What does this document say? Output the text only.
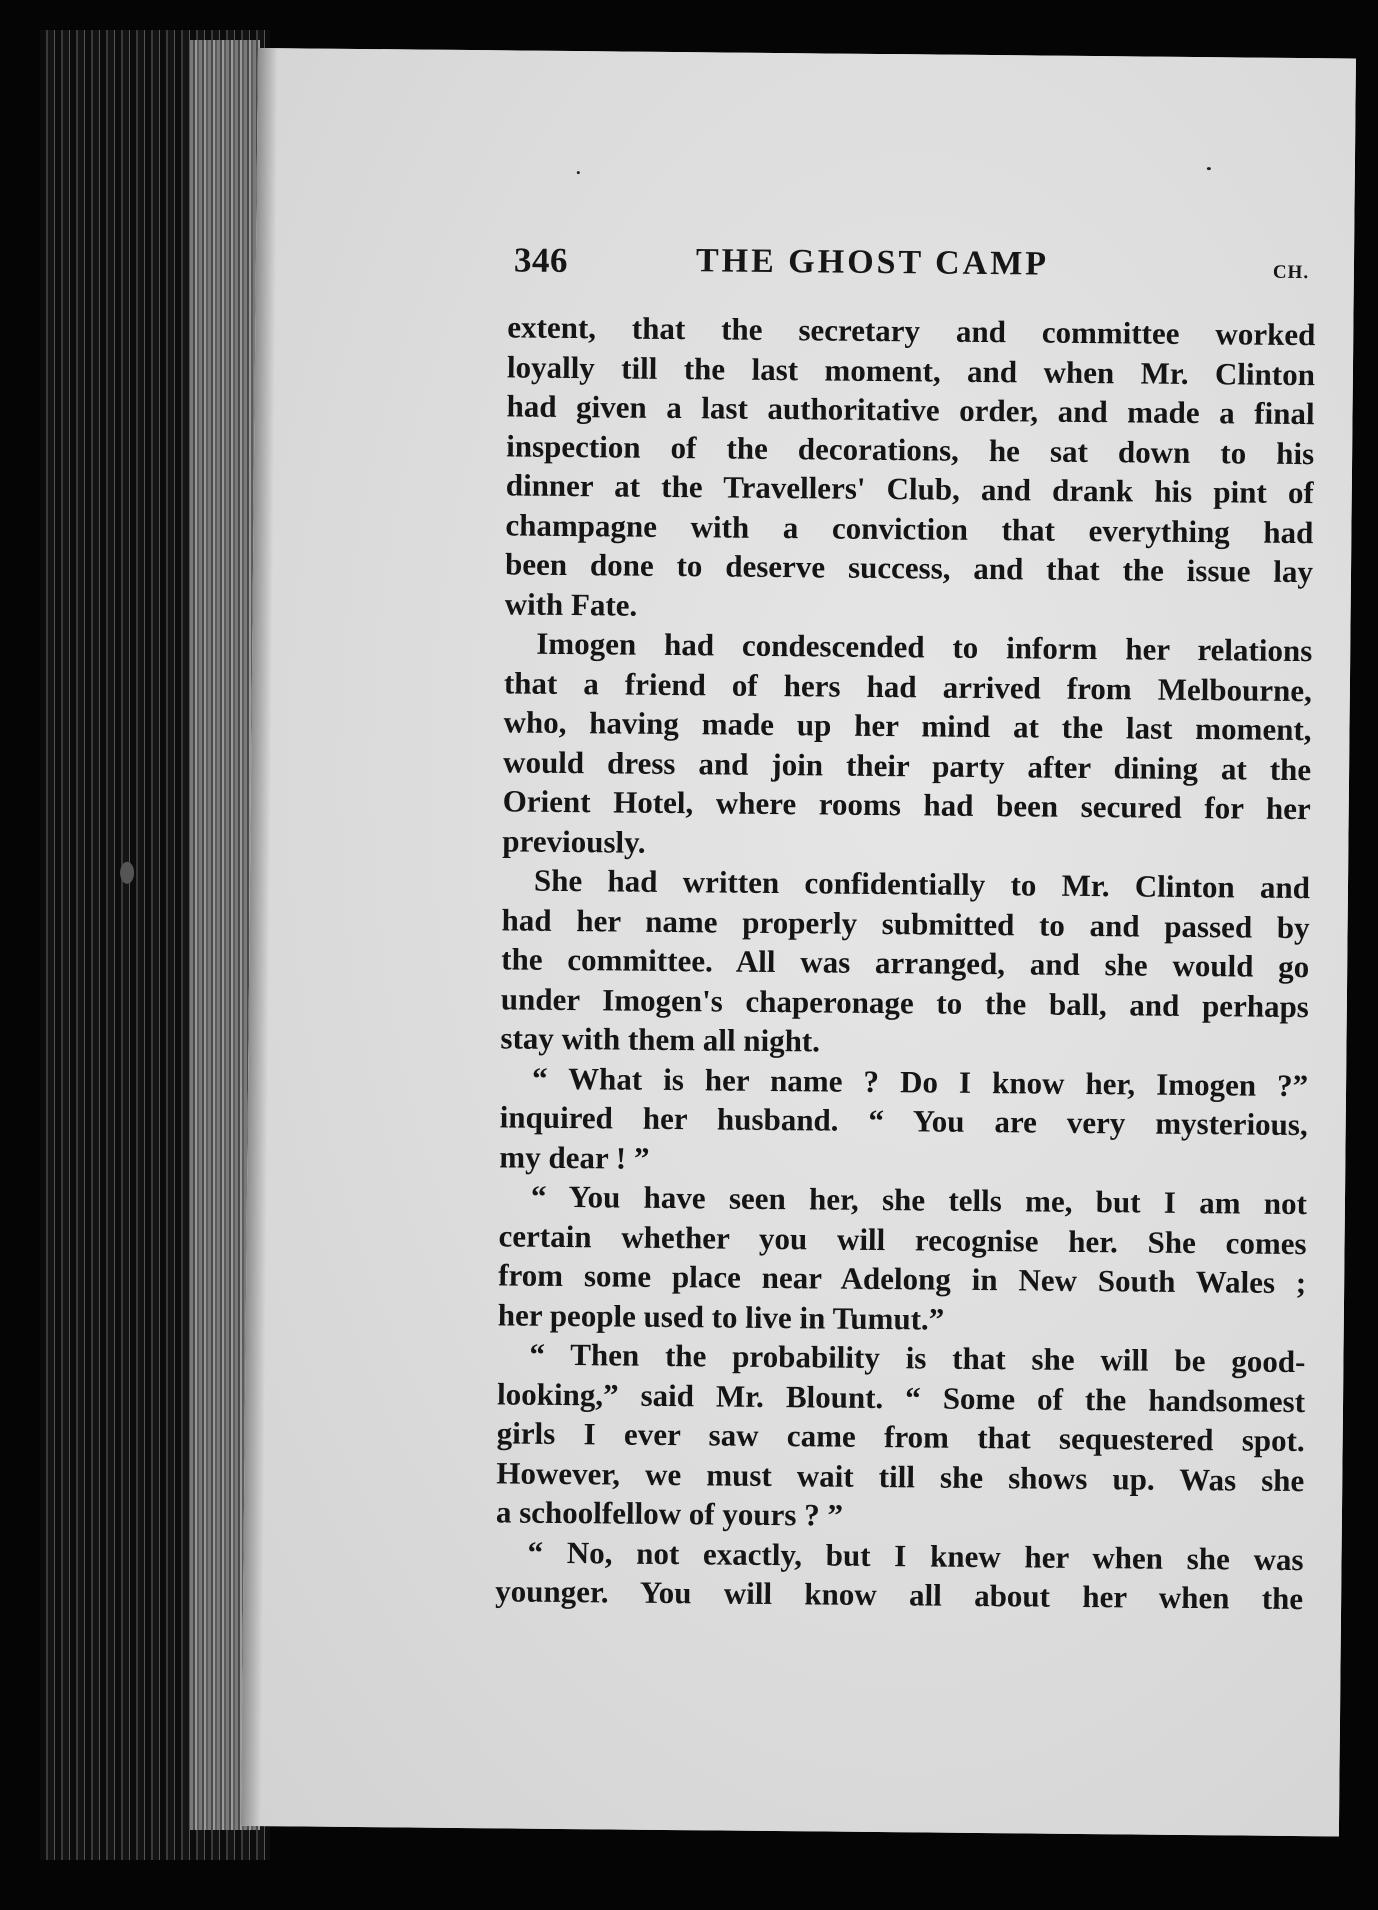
346	THE GHOST CAMP	CH.
extent, that the secretary and committee worked
loyally till the last moment, and when Mr. Clinton
had given a last authoritative order, and made a final
inspection of the decorations, he sat down to his
dinner at the Travellers' Club, and drank his pint of
champagne with a conviction that everything had
been done to deserve success, and that the issue lay
with Fate.
Imogen had condescended to inform her relations
that a friend of hers had arrived from Melbourne,
who, having made up her mind at the last moment,
would dress and join their party after dining at the
Orient Hotel, where rooms had been secured for her
previously.
She had written confidentially to Mr. Clinton and
had her name properly submitted to and passed by
the committee. All was arranged, and she would go
under Imogen's chaperonage to the ball, and perhaps
stay with them all night.
“ What is her name ? Do I know her, Imogen ?”
inquired her husband. “ You are very mysterious,
my dear ! ”
“ You have seen her, she tells me, but I am not
certain whether you will recognise her. She comes
from some place near Adelong in New South Wales ;
her people used to live in Tumut.”
“ Then the probability is that she will be good-
looking,” said Mr. Blount. “ Some of the handsomest
girls I ever saw came from that sequestered spot.
However, we must wait till she shows up. Was she
a schoolfellow of yours ? ”
“ No, not exactly, but I knew her when she was
younger. You will know all about her when the
